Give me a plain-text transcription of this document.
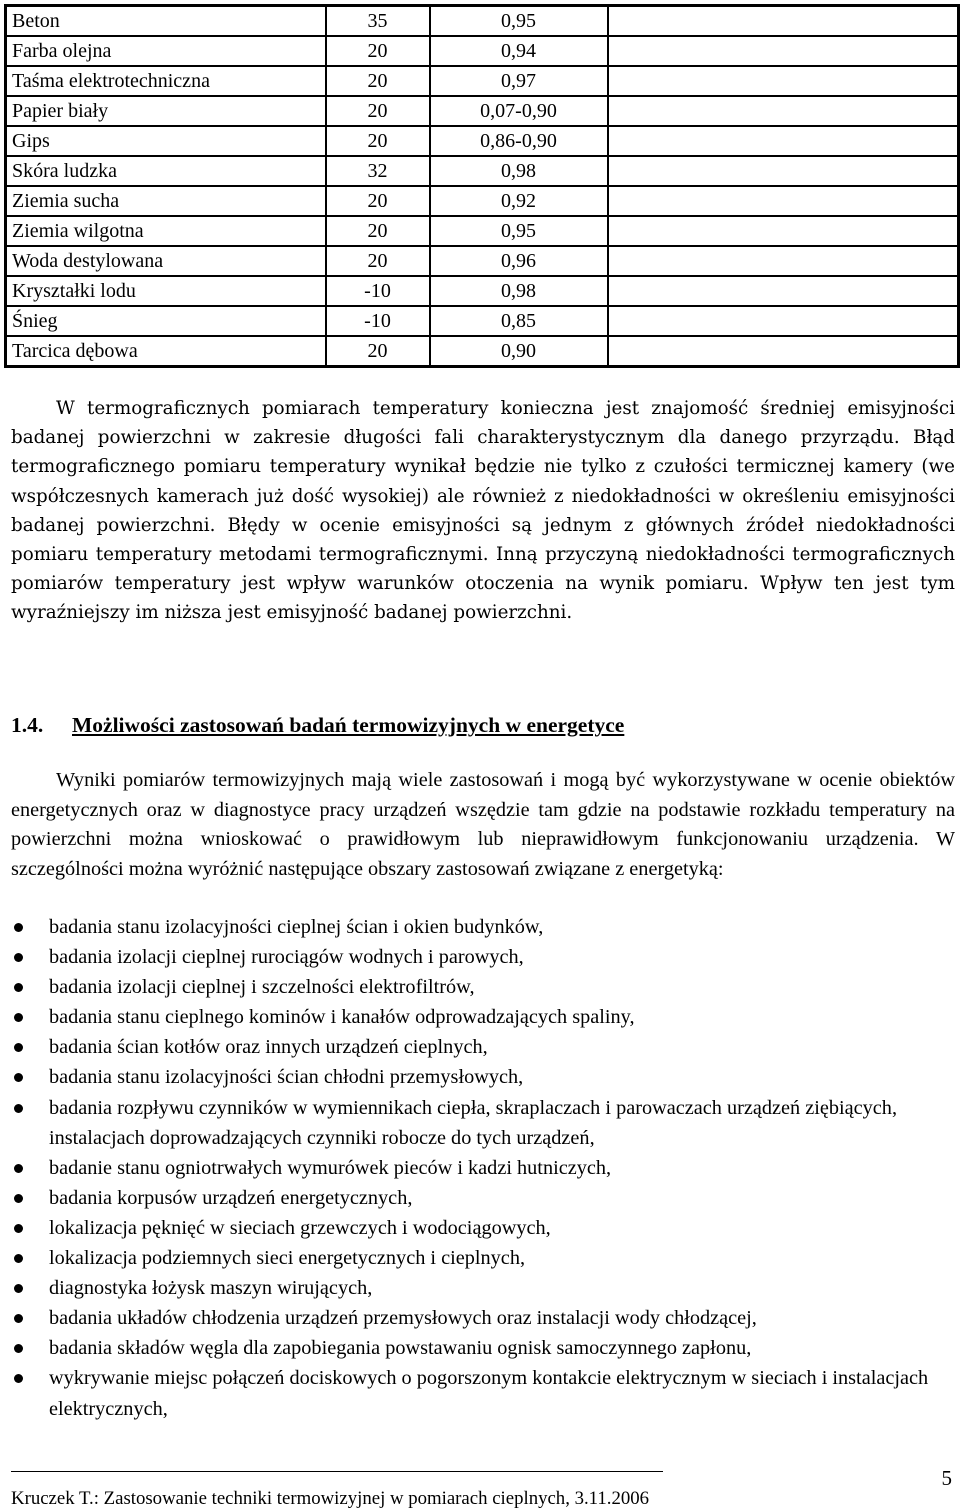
Beton	35	0,95	
Farba olejna	20	0,94	
Taśma elektrotechniczna	20	0,97	
Papier biały	20	0,07-0,90	
Gips	20	0,86-0,90	
Skóra ludzka	32	0,98	
Ziemia sucha	20	0,92	
Ziemia wilgotna	20	0,95	
Woda destylowana	20	0,96	
Kryształki lodu	-10	0,98	
Śnieg	-10	0,85	
Tarcica dębowa	20	0,90	

W termograficznych pomiarach temperatury konieczna jest znajomość średniej emisyjności badanej powierzchni w zakresie długości fali charakterystycznym dla danego przyrządu. Błąd termograficznego pomiaru temperatury wynikał będzie nie tylko z czułości termicznej kamery (we współczesnych kamerach już dość wysokiej) ale również z niedokładności w określeniu emisyjności badanej powierzchni. Błędy w ocenie emisyjności są jednym z głównych źródeł niedokładności pomiaru temperatury metodami termograficznymi. Inną przyczyną niedokładności termograficznych pomiarów temperatury jest wpływ warunków otoczenia na wynik pomiaru. Wpływ ten jest tym wyraźniejszy im niższa jest emisyjność badanej powierzchni.

1.4. Możliwości zastosowań badań termowizyjnych w energetyce

Wyniki pomiarów termowizyjnych mają wiele zastosowań i mogą być wykorzystywane w ocenie obiektów energetycznych oraz w diagnostyce pracy urządzeń wszędzie tam gdzie na podstawie rozkładu temperatury na powierzchni można wnioskować o prawidłowym lub nieprawidłowym funkcjonowaniu urządzenia. W szczególności można wyróżnić następujące obszary zastosowań związane z energetyką:

badania stanu izolacyjności cieplnej ścian i okien budynków,
badania izolacji cieplnej rurociągów wodnych i parowych,
badania izolacji cieplnej i szczelności elektrofiltrów,
badania stanu cieplnego kominów i kanałów odprowadzających spaliny,
badania ścian kotłów oraz innych urządzeń cieplnych,
badania stanu izolacyjności ścian chłodni przemysłowych,
badania rozpływu czynników w wymiennikach ciepła, skraplaczach i parowaczach urządzeń ziębiących, instalacjach doprowadzających czynniki robocze do tych urządzeń,
badanie stanu ogniotrwałych wymurówek pieców i kadzi hutniczych,
badania korpusów urządzeń energetycznych,
lokalizacja pęknięć w sieciach grzewczych i wodociągowych,
lokalizacja podziemnych sieci energetycznych i cieplnych,
diagnostyka łożysk maszyn wirujących,
badania układów chłodzenia urządzeń przemysłowych oraz instalacji wody chłodzącej,
badania składów węgla dla zapobiegania powstawaniu ognisk samoczynnego zapłonu,
wykrywanie miejsc połączeń dociskowych o pogorszonym kontakcie elektrycznym w sieciach i instalacjach elektrycznych,

Kruczek T.: Zastosowanie techniki termowizyjnej w pomiarach cieplnych, 3.11.2006

5
